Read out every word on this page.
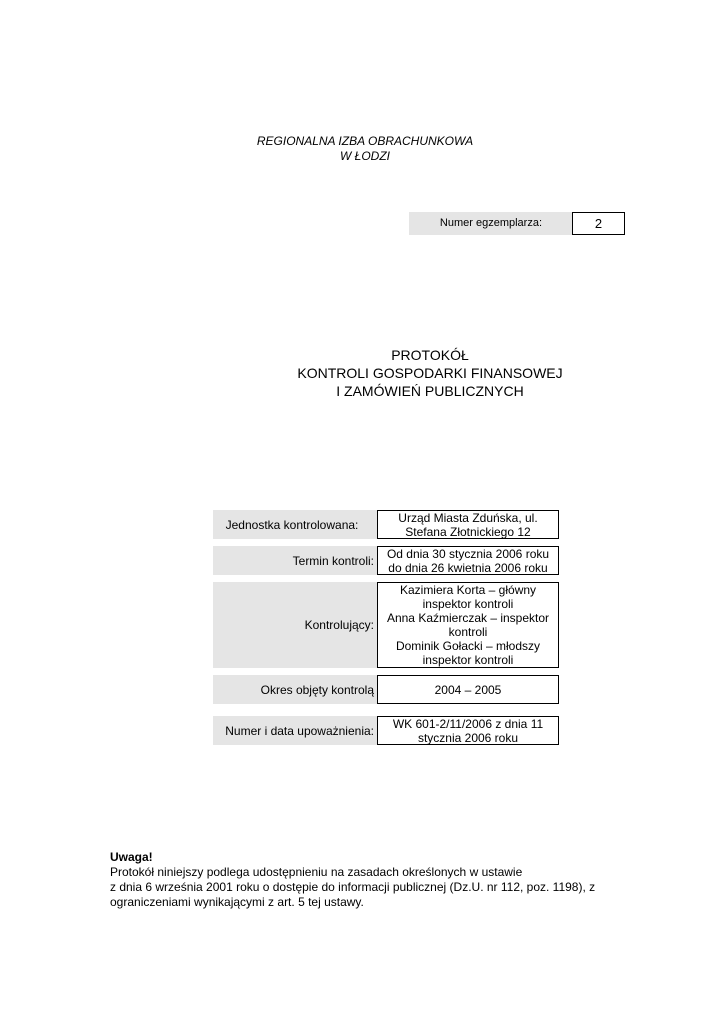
REGIONALNA IZBA OBRACHUNKOWA
W ŁODZI
Numer egzemplarza:	2
PROTOKÓŁ
KONTROLI GOSPODARKI FINANSOWEJ
I ZAMÓWIEŃ PUBLICZNYCH
Jednostka kontrolowana:	Urząd Miasta Zduńska, ul.
Stefana Złotnickiego 12
Termin kontroli:	Od dnia 30 stycznia 2006 roku
do dnia 26 kwietnia 2006 roku
Kontrolujący:
Kazimiera Korta – główny
inspektor kontroli
Anna Kaźmierczak – inspektor
kontroli
Dominik Gołacki – młodszy
inspektor kontroli
Okres objęty kontrolą	2004 – 2005
Numer i data upoważnienia:	WK 601-2/11/2006 z dnia 11
stycznia 2006 roku
Uwaga!
Protokół niniejszy podlega udostępnieniu na zasadach określonych w ustawie
z dnia 6 września 2001 roku o dostępie do informacji publicznej (Dz.U. nr 112, poz. 1198), z
ograniczeniami wynikającymi z art. 5 tej ustawy.
